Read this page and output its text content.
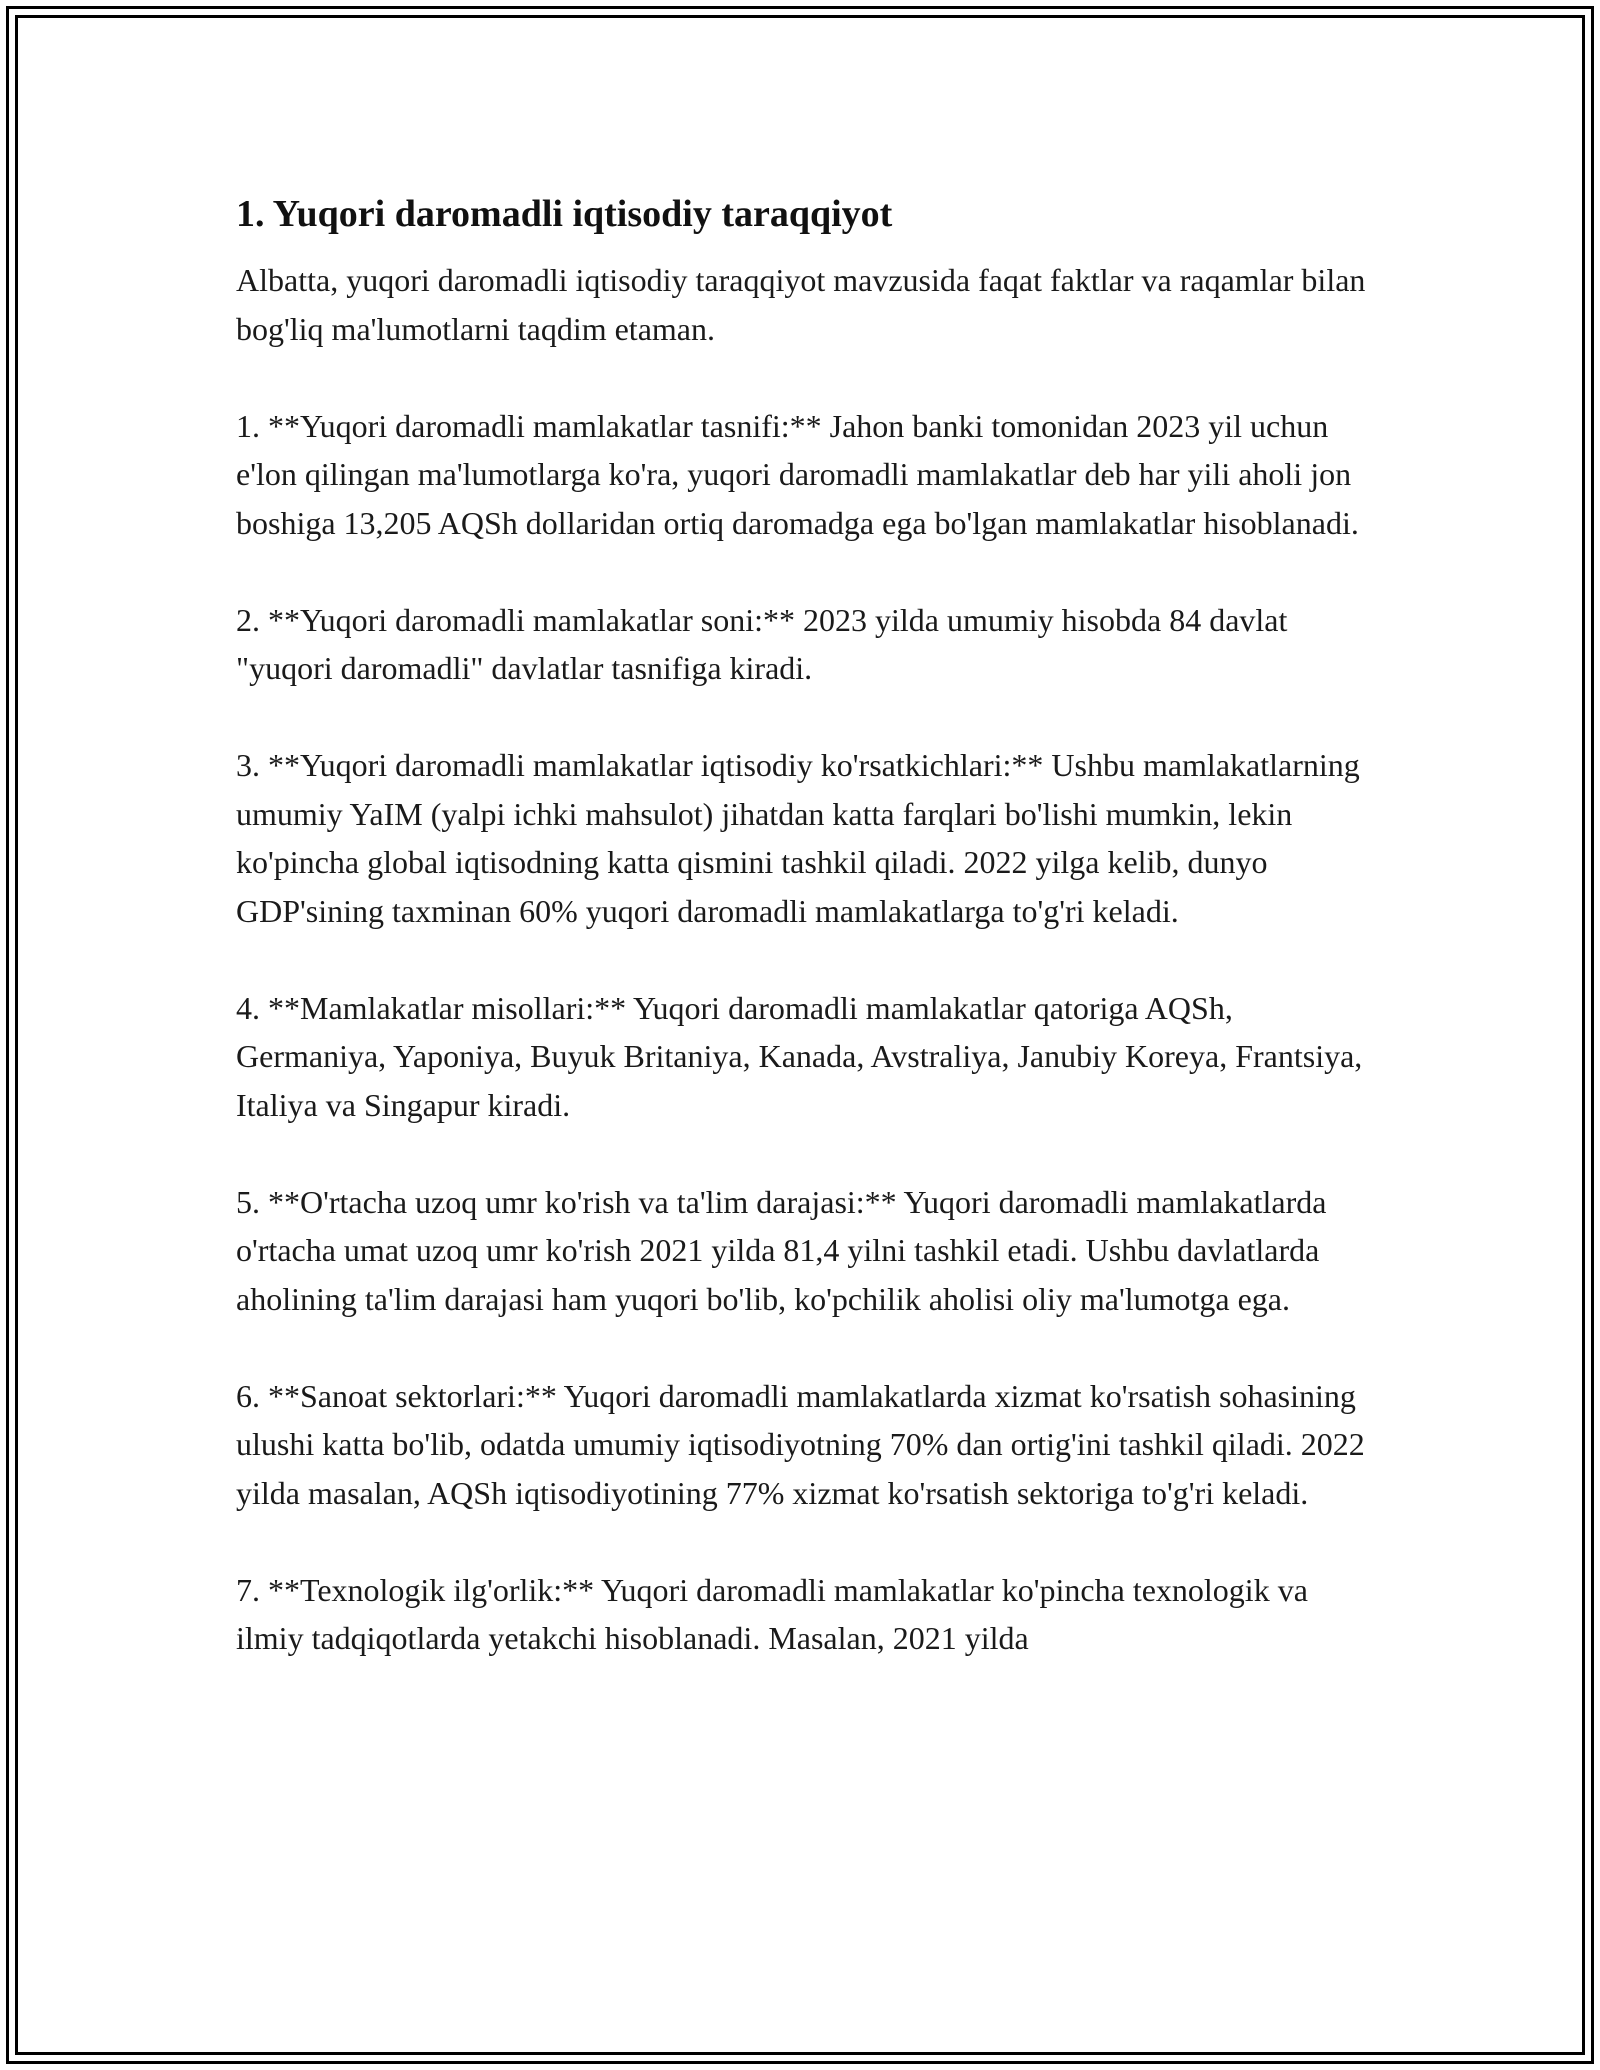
1. Yuqori daromadli iqtisodiy taraqqiyot

Albatta, yuqori daromadli iqtisodiy taraqqiyot mavzusida faqat faktlar va raqamlar bilan bog'liq ma'lumotlarni taqdim etaman.

1. **Yuqori daromadli mamlakatlar tasnifi:** Jahon banki tomonidan 2023 yil uchun e'lon qilingan ma'lumotlarga ko'ra, yuqori daromadli mamlakatlar deb har yili aholi jon boshiga 13,205 AQSh dollaridan ortiq daromadga ega bo'lgan mamlakatlar hisoblanadi.

2. **Yuqori daromadli mamlakatlar soni:** 2023 yilda umumiy hisobda 84 davlat "yuqori daromadli" davlatlar tasnifiga kiradi.

3. **Yuqori daromadli mamlakatlar iqtisodiy ko'rsatkichlari:** Ushbu mamlakatlarning umumiy YaIM (yalpi ichki mahsulot) jihatdan katta farqlari bo'lishi mumkin, lekin ko'pincha global iqtisodning katta qismini tashkil qiladi. 2022 yilga kelib, dunyo GDP'sining taxminan 60% yuqori daromadli mamlakatlarga to'g'ri keladi.

4. **Mamlakatlar misollari:** Yuqori daromadli mamlakatlar qatoriga AQSh, Germaniya, Yaponiya, Buyuk Britaniya, Kanada, Avstraliya, Janubiy Koreya, Frantsiya, Italiya va Singapur kiradi.

5. **O'rtacha uzoq umr ko'rish va ta'lim darajasi:** Yuqori daromadli mamlakatlarda o'rtacha umat uzoq umr ko'rish 2021 yilda 81,4 yilni tashkil etadi. Ushbu davlatlarda aholining ta'lim darajasi ham yuqori bo'lib, ko'pchilik aholisi oliy ma'lumotga ega.

6. **Sanoat sektorlari:** Yuqori daromadli mamlakatlarda xizmat ko'rsatish sohasining ulushi katta bo'lib, odatda umumiy iqtisodiyotning 70% dan ortig'ini tashkil qiladi. 2022 yilda masalan, AQSh iqtisodiyotining 77% xizmat ko'rsatish sektoriga to'g'ri keladi.

7. **Texnologik ilg'orlik:** Yuqori daromadli mamlakatlar ko'pincha texnologik va ilmiy tadqiqotlarda yetakchi hisoblanadi. Masalan, 2021 yilda
